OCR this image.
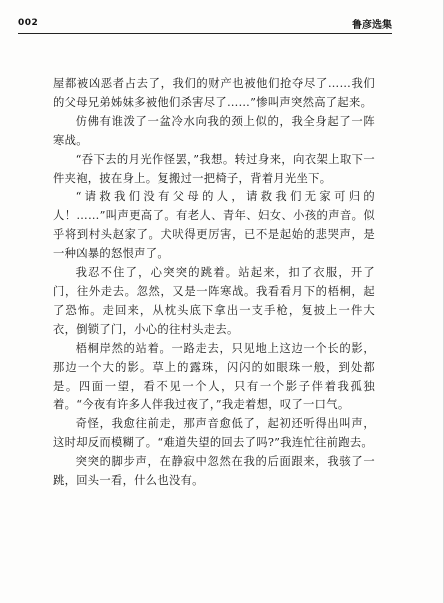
002	鲁彦选集

屋都被凶恶者占去了，我们的财产也被他们抢夺尽了……我们的父母兄弟姊妹多被他们杀害尽了……”惨叫声突然高了起来。

仿佛有谁泼了一盆冷水向我的颈上似的，我全身起了一阵寒战。

“吞下去的月光作怪罢，”我想。转过身来，向衣架上取下一件夹袍，披在身上。复搬过一把椅子，背着月光坐下。

“请救我们没有父母的人，请救我们无家可归的人！……”叫声更高了。有老人、青年、妇女、小孩的声音。似乎将到村头赵家了。犬吠得更厉害，已不是起始的悲哭声，是一种凶暴的怒恨声了。

我忍不住了，心突突的跳着。站起来，扣了衣服，开了门，往外走去。忽然，又是一阵寒战。我看看月下的梧桐，起了恐怖。走回来，从枕头底下拿出一支手枪，复披上一件大衣，倒锁了门，小心的往村头走去。

梧桐岸然的站着。一路走去，只见地上这边一个长的影，那边一个大的影。草上的露珠，闪闪的如眼珠一般，到处都是。四面一望，看不见一个人，只有一个影子伴着我孤独着。“今夜有许多人伴我过夜了，”我走着想，叹了一口气。

奇怪，我愈往前走，那声音愈低了，起初还听得出叫声，这时却反而模糊了。“难道失望的回去了吗?”我连忙往前跑去。

突突的脚步声，在静寂中忽然在我的后面跟来，我骇了一跳，回头一看，什么也没有。
